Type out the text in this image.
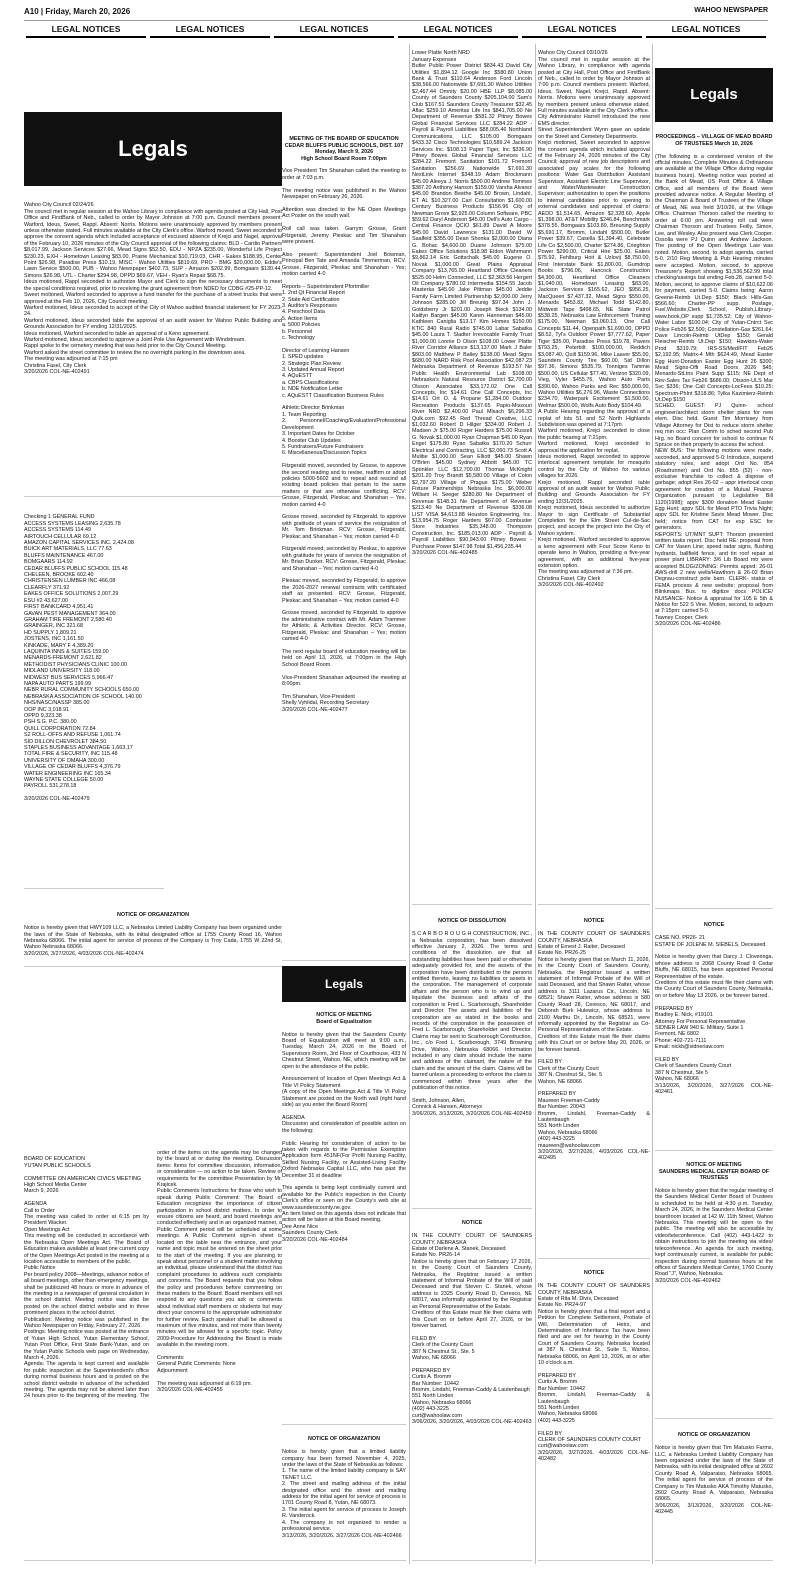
A10 | Friday, March 20, 2026	WAHOO NEWSPAPER
LEGAL NOTICES	LEGAL NOTICES	LEGAL NOTICES	LEGAL NOTICES	LEGAL NOTICES	LEGAL NOTICES
Legals
Legals
Legals

Wahoo City Council 02/24/26
The council met in regular session at the Wahoo Library in compliance with agenda posted at City Hall, Post Office and FirstBank of Neb., called to order by Mayor Johnson at 7:00 p.m. Council members present: Warford, Ideus, Sweet, Rappl. Absent: Norris. Motions were unanimously approved by members present unless otherwise stated. Full minutes available at the City Clerk's office. Warford moved, Sweet seconded to approve the consent agenda which included acceptance of excused absence of Krejci and Nagel, approval of the February 10, 2026 minutes of the City Council approval of the following claims: BLD - Cardio Partners $8,017.99, Jackson Services $27.66, Mead Signs $52.50, EDU - NPZA $235.00, Wonderful Life Project $230.23, EXH - Hometown Leasing $83.00, Prairie Mechanical $10,719.03, CHR - Eakes $188.95, Center Point $26.98, Paradise Press $10.19, MISC - Wahoo Utilities $819.69, PRO - BMG $20,000.00, Eddie's Lawn Service $500.00, PUB - Wahoo Newspaper $402.73, SUP - Amazon $202.99, Bomgaars $130.44, Simons $26.98, UTL - Charter $294.98, OPPD $69.67, VEH - Ryan's Repair $68.75.
Ideus motioned, Rappl seconded to authorize Mayor and Clerk to sign the necessary documents to meet the special conditions required, prior to receiving the grant agreement from NDED for CDBG #25-PP-12.
Sweet motioned, Warford seconded to approve a fund transfer for the purchase of a street trucks that were approved at the Feb 10, 2026, City Council meeting.
Warford motioned, Ideus seconded to accept of the City of Wahoo audited financial statement for FY 2023-24.
Warford motioned, Ideus seconded table the approval of an audit waiver for Wahoo Public Building and Grounds Association for FY ending 12/31/2025.
Ideus motioned, Warford seconded to table an approval of a Keno agreement.
Warford motioned, Ideus seconded to approve a Joint Pole Use Agreement with Windstream.
Rappl spoke to the cemetery meeting that was held prior to the City Council Meeting.
Warford asked the street committee to review the no overnight parking in the downtown area.
The meeting was adjourned at 7:15 pm
Christina Fasel, City Clerk
3/20/2026 COL-NE-402491

Checking 1 GENERAL FUND
ACCESS SYSTEMS LEASING 2,635.78
ACCESS SYSTEMS 114.49
AIRTOUCH CELLULAR 69.12
AMAZON CAPITAL SERVICES INC. 2,424.08
BUICK ART MATERIALS, LLC 77.63
BLUFFS MAINTENANCE 467.00
BOMGAARS 114.92
CEDAR BLUFFS PUBLIC SCHOOL 115.48
CHELEEN, BROOKE 602.40
CHRISTENSEN LUMBER INC 466.08
CLEARFLY 371.92
EAKES OFFICE SOLUTIONS 2,007.29
ESU #2 43,627.00
FIRST BANKCARD 4,951.41
GAVAN PEST MANAGEMENT 364.00
GRAHAM TIRE FREMONT 2,580.40
GRAINGER, INC 321.68
HD SUPPLY 1,809.21
JOSTENS, INC 1,161.50
KINKADE, MARY F 4,389.20
LAQUINTA INNS & SUITES 159.00
MENARDS-FREMONT 2,621.82
METHODIST PHYSICIANS CLINIC 100.00
MIDLAND UNIVERSITY 118.00
MIDWEST BUS SERVICES 5,966.47
NAPA AUTO PARTS 199.99
NEBR RURAL COMMUNITY SCHOOLS 650.00
NEBRASKA ASSOCIATION OF SCHOOL 140.00
NHS/NASC/NASSP 385.00
OOP INC 3,018.91
OPPD 9,323.38
PSH S.G. P.C. 380.00
QUILL CORPORATION 72.84
S2 ROLL-OFFS AND REFUSE 1,061.74
SID DILLON CHEVROLET 384.50
STAPLES BUSINESS ADVANTAGE 1,663.17
TOTAL FIRE & SECURITY, INC 115.48
UNIVERSITY OF OMAHA 300.00
VILLAGE OF CEDAR BLUFFS 4,376.79
WATER ENGINEERING INC 165.34
WAYNE STATE COLLEGE 50.00
PAYROLL 531,278.18

3/20/2026 COL-NE-402479

NOTICE OF ORGANIZATION

Notice is hereby given that HWY109 LLC, a Nebraska Limited Liability Company has been organized under the laws of the State of Nebraska, with its initial designated office at 1755 County Road 16, Wahoo Nebraska 68066. The initial agent for service of process of the Company is Troy Cada, 1755 W 22nd St, Wahoo Nebraska 68066.
3/20/2026, 3/27/2026, 4/03/2026 COL-NE-402474

BOARD OF EDUCATION
YUTAN PUBLIC SCHOOLS

COMMITTEE ON AMERICAN CIVICS MEETING
High School Media Center
March 9, 2026

AGENDA
Call to Order
The meeting was called to order at 6:15 pm by President Wacker.
Open Meetings Act
This meeting will be conducted in accordance with the Nebraska Open Meetings Act. The Board of Education makes available at least one current copy of the Open Meetings Act posted in the meeting at a location accessible to members of the public.
Public Notice
Per board policy 2008—Meetings, advance notice of all board meetings, other than emergency meetings, shall be publicized 48 hours or more in advance of the meeting in a newspaper of general circulation in the school district. Meeting notice was also be posted on the school district website and in three prominent places in the school district.
Publication: Meeting notice was published in the Wahoo Newspaper on Friday, February 27, 2026.
Postings: Meeting notice was posted at the entrance of Yutan High School, Yutan Elementary School, Yutan Post Office, First State Bank-Yutan, and on the Yutan Public Schools web page on Wednesday, March 4, 2026.
Agenda: The agenda is kept current and available for public inspection at the Superintendent's office during normal business hours and is posted on the school district website in advance of the scheduled meeting. The agenda may not be altered later than 24 hours prior to the beginning of the meeting. The order of the items on the agenda may be changed by the board at or during the meeting. Discussion items: Items for committee discussion, information, or consideration — no action to be taken. Review of requirements for the committee Presentation by Mr. Krajicek.
Public Comments Instructions for those who wish to speak during Public Comment: The Board of Education recognizes the importance of citizen participation in school district matters. In order to ensure citizens are heard, and board meetings are conducted effectively and in an organized manner, a Public Comment period will be scheduled at some meetings. A Public Comment sign-in sheet is located on the table near the entrance, and your name and topic must be entered on the sheet prior to the start of the meeting. If you are planning to speak about personnel or a student matter involving an individual, please understand that the district has complaint procedures to address such complaints and concerns. The Board requests that you follow the policy and procedures before commenting on these matters to the Board. Board members will not respond to any questions you ask or comments about individual staff members or students but may direct your concerns to the appropriate administrator for further review. Each speaker shall be allowed a maximum of five minutes, and not more than twenty minutes will be allowed for a specific topic. Policy 2009-Procedure for Addressing the Board is made available in the meeting room.

Comments:
General Public Comments: None
Adjournment

The meeting was adjourned at 6:19 pm.
3/20/2026 COL-NE-402455

MEETING OF THE BOARD OF EDUCATION
CEDAR BLUFFS PUBLIC SCHOOLS, DIST. 107
Monday, March 9, 2026
High School Board Room 7:00pm

Vice President Tim Shanahan called the meeting to order at 7:03 p.m.

The meeting notice was published in the Wahoo Newspaper on February 26, 2026.

Attention was directed to the NE Open Meetings Act Poster on the south wall.

Roll call was taken. Garrym Grosse, Grant Fitzgerald, Jeremy Pleskac and Tim Shanahan were present.

Also present: Superintendent Joel Bowman, Principal Ben Tate and Amanda Timmerman, RCV. Grosse, Fitzgerald, Pleskac and Shanahan - Yes; motion carried 4-0

Reports – Superintendent Pfortmiller
1. 2nd Qt Financial Report
2. State Aid Certification
3. Auditor's Responses
4. Preschool Data
5. Action Items
a. 5000 Policies
b. Personnel
c. Technology

Director of Learning Hansen
1. SPED updates
2. Strategic Plan Review
3. Updated Annual Report
4. AQuESTT
a. CBPS Classifications
b. NDE Notification Letter
c. AQuESTT Classification Business Rules

Athletic Director Brinkman
1. Team Reporting
2. Personnel/Coaching/Evaluation/Professional Development
3. Important Dates for October
4. Booster Club Updates
5. Fundraisers/Future Fundraisers
6. Miscellaneous/Discussion Topics

Fitzgerald moved, seconded by Grosse, to approve the second reading and to revise, reaffirm or adopt policies 5000-5602 and to repeal and rescind all existing board policies that pertain to the same matters or that are otherwise conflicting. RCV: Grosse, Fitzgerald, Pleskac and Shanahan – Yes, motion carried 4-0

Grosse moved, seconded by Fitzgerald, to approve with gratitude of years of service the resignation of Mr. Tom Brinkman. RCV: Grosse, Fitzgerald, Pleskac and Shanahan – Yes; motion carried 4-0

Fitzgerald moved, seconded by Pleskac, to approve with gratitude for years of service the resignation of Mr. Brian Dunker. RCV: Grosse, Fitzgerald, Pleskac and Shanahan – Yes; motion carried 4-0

Pleskac moved, seconded by Fitzgerald, to approve the 2026-2027 renewal contracts with certificated staff as presented. RCV: Grosse, Fitzgerald, Pleskac and Shanahan – Yes; motion carried 4-0

Grosse moved, seconded by Fitzgerald, to approve the administrative contract with Mr. Adam Trammer for Athletic & Activities Director. RCV: Grosse, Fitzgerald, Pleskac and Shanahan – Yes; motion carried 4-0

The next regular board of education meeting will be held on April 13, 2026, at 7:00pm in the High School Board Room.

Vice-President Shanahan adjourned the meeting at 8:00pm.

Tim Shanahan, Vice-President
Shelly Vyhlidal, Recording Secretary
3/20/2026 COL-NE-402477

NOTICE OF MEETING
Board of Equalization

Notice is hereby given that the Saunders County Board of Equalization will meet at 9:00 a.m., Tuesday, March 24, 2026 in the Board of Supervisors Room, 3rd Floor of Courthouse, 433 N Chestnut Street, Wahoo, NE, which meeting will be open to the attendance of the public.

Announcement of location of Open Meetings Act & Title VI Policy Statement
(A copy of the Open Meetings Act & Title VI Policy Statement are posted on the North wall (right hand side) as you enter the Board Room)

AGENDA
Discussion and consideration of possible action on the following:

Public Hearing for consideration of action to be taken with regards to the Permissive Exemption Application form 451NF(For Profit Nursing Facility, Skilled Nursing Facility, or Assisted-Living Facility Oxford Nebraska Capital LLC, who has past the December 31 st deadline

This agenda is being kept continually current and available for the Public's inspection in the County Clerk's office or seen on the County's web site at www.saunderscounty.ne.gov.
An item listed on this agenda does not indicate that action will be taken at this Board meeting.
Dee Anne Nice
Saunders County Clerk
3/20/2026 COL-NE-402484

NOTICE OF ORGANIZATION

Notice is hereby given that a limited liability company has been formed November 4, 2025, under the laws of the State of Nebraska as follows:
1. The name of the limited liability company is SAY TENET LLC.
2. The street and mailing address of the initial designated office and the street and mailing address for the initial agent for service of process is 1701 County Road 8, Yutan, NE 68073.
3. The initial agent for service of process is Joseph R. Vanderock.
4. The company is not organized to render a professional service.
3/13/2026, 3/20/2026, 3/27/2026 COL-NE-402466

Lower Platte North NRD
January Expenses
Butler Public Power District $834.43 David City Utilities $1,894.12 Google Inc $580.80 Union Bank & Trust $110.64 Anderson Ford Lincoln $38,566.00 Nationwide $7,691.30 Wahoo Utilities $2,467.44 Omnity $20.00 HBE LLP $8,085.00 County of Saunders County $205,104.00 Sam's Club $167.51 Saunders County Treasurer $32.45 Aflac $259.10 Ameritas Life Ins $841,705.00 Ne Department of Revenue $581.32 Pitney Bowes Global Financial Services LLC $284.22 ADP - Payroll & Payroll Liabilities $88,005.46 Northland Communications, LLC $105.00 Bomgaars $433.32 Cisco Technologies $10,589.24 Jackson Services Inc. $108.13 Paper Tiger, Inc $336.90 Pitney Bowes Global Financial Services LLC $284.22 Fremont Sanitation $101.72 Fremont Sanitation $256.69 Nationwide $7,691.30 NextLink Internet $348.19 Adam Brockmann $45.00 Aleeya J. Norris $500.00 Andrew Tommes $387.20 Anthony Hanson $159.00 Varsha Alvarez $45.00 Brandon Beethe $45.00 Brown, Lindahl, ET AL $10,327.00 Carl Consultation $1,600.00 Century Business Products $156.96 City of Newman Grove $2,925.00 Column Software, PBC $59.62 Daryl Anderson $45.00 Dell's Auto Cargo - Central Finance QCIO $61.89 David A Moore $45.00 David Lawrence $131.00 David W Saalfeld $355.00 Dean Shonka $2,000.00 Diana G. Bohac $4,600.00 Duane Johnson $75.00 Eakes Office Solutions $18.98 Eldon Wahrmann $9,862.14 Eric Gottschalk $45.00 Eugene O. Novak $1,000.00 Great Plains Appraisal Company $13,765.00 Heartland Office Cleaners $525.00 Helm Connected, LLC $2,363.56 Hergert Oil Company $780.02 Intermedia $154.55 Jacob Masterka $45.00 Jake Pittman $45.00 Jeddie Family Farm Limited Partnership $2,000.00 Jerry Johnson $285.00 Jill Breunig $97.34 John J. Goldsberry Jr $201.00 Joseph Bieck $134.00 Kaitlyn Bargen $45.00 Karen Hanneman $45.00 Kathleen Caniglia $13.17 Kim Homes $150.00 KTIC 840 Rural Radio $745.00 Labar Sabatka $45.00 Laura T. Sladter Irrevocable Family Trust $1,000.00 Lonnie D Olson $108.00 Lower Platte River Corridor Alliance $13,137.00 Mark J Baler $803.00 Matthew P Bailey $138.00 Mead Signs $680.00 NARD Risk Pool Association $42,087.23 Nebraska Department of Revenue $193.57 Ne Public Health Environmental Lab $108.00 Nebraska's Natural Resource District $2,700.00 Olsson Associates $33,172.02 One Call Concepts, Inc $14.61 One Call Concepts, Inc $14.61 Ort O. & Propane $1,284.00 Outdoor Recreation Products $137.65 Papio-Missouri River NRD $2,400.00 Paul Mlsach $6,296.33 Qulk.com $92.45 Red Thread Creative, LLC $1,032.60 Robert D Hilger $334.00 Robert J. Madsen Jr $75.00 Roger Harders $75.00 Russell G. Novak $1,000.00 Ryan Chapman $45.00 Ryan Engel $175.80 Ryan Sabatka $170.20 Schurr Electrical and Contracting, LLC $2,060.73 Scott A Mulitie $1,000.00 Sean Elliott $45.00 Shawn O'Brien $45.00 Sydney Abbott $45.00 TC Sprinkler LLC $12,700.00 Thomas McKnight $201.20 Troy Brandt $5,580.00 Village of Colon $2,797.20 Village of Prague $175.00 Weber Fixture Partnerships Nebraska Inc. $6,000.00 William H. Seeger $280.80 Ne Department of Revenue $148.31 Ne Department of Revenue $213.40 Ne Department of Revenue $336.08 LIST VISA $4,613.88 Houston Engineering, Inc. $13,954.75 Roger Harders $67.00 Combuster Store Industries $35,348.00 Thompson Construction, Inc. $185,013.00 ADP - Payroll & Payroll Liabilities $90,943.60 Pitney Bowes - Purchase Power $147.98 Total $1,456,235.44
3/20/2026 COL-NE-402485

NOTICE OF DISSOLUTION

S C A R B O R O U G H CONSTRUCTION, INC., a Nebraska corporation, has been dissolved effective January 2, 2026. The terms and conditions of the dissolution are that all outstanding liabilities have been paid or otherwise adequately provided for, and the assets of the corporation have been distributed to the persons entitled thereto, leaving no liabilities or assets in the corporation. The management of corporate affairs and the person who is to wind up and liquidate the business and affairs of the corporation is Fred L. Scarborough, Shareholder and Director. The assets and liabilities of the corporation are as stated in the books and records of the corporation in the possession of Fred L. Scarborough, Shareholder and Director. Claims may be sent to Scarborough Construction, Inc., c/o Fred L. Scarborough, 3749 Browning Drive, Wahoo, Nebraska 68066. Information included in any claim should include the name and address of the claimant, the nature of the claim and the amount of the claim. Claims will be barred unless a proceeding to enforce the claim is commenced within three years after the publication of this notice.

Smith, Johnson, Allen,
Connick & Hansen, Attorneys
3/06/2026, 3/13/2026, 3/20/2026 COL-NE-402459

NOTICE

IN THE COUNTY COURT OF SAUNDERS COUNTY, NEBRASKA
Estate of Darlene A. Stanek, Deceased
Estate No. PR26-14
Notice is hereby given that on February 17 2026, in the County Court of Saunders County, Nebraska, the Registrar issued a written statement of Informal Probate of the Will of said Deceased and that Steven C. Stanek, whose address is 2325 County Road D, Ceresco, NE 68017, was informally appointed by the Registrar as Personal Representative of the Estate.
Creditors of this Estate must file their claims with this Court on or before April 27, 2026, or be forever barred.

FILED BY
Clerk of the County Court
387 N Chestnut St., Ste. 5
Wahoo, NE 68066

PREPARED BY
Curtis A. Bromm
Bar Number: 10442
Bromm, Lindahl, Freeman-Caddy & Lautenbaugh
551 North Linden
Wahoo, Nebraska 68066
(402) 443-3225
curt@wahoolaw.com
3/06/2026, 3/20/2026, 4/03/2026 COL-NE-402463

Wahoo City Council 03/10/26
The council met in regular session at the Wahoo Library, in compliance with agenda posted at City Hall, Post Office and FirstBank of Neb., called to order by Mayor Johnson at 7:00 p.m. Council members present: Warford, Ideus, Sweet, Nagel, Krejci, Rappl. Absent: Norris. Motions were unanimously approved by members present unless otherwise stated. Full minutes available at the City Clerk's office.
City Administrator Harrell introduced the new EMS director.
Street Superintendent Wynn gave an update on the Street and Cemetery Departments.
Krejci motioned, Sweet seconded to approve the consent agenda which included approval of the February 24, 2026 minutes of the City Council; approval of new job descriptions and associated pay scales for the following positions: Water Gas Distribution Assistant Supervisor, Assistant Electric Line Supervisor, and Water/Wastewater Construction Supervisor; authorization to open the positions to internal candidates prior to opening to external candidates and approval of claims: AEDD $1,514.65, Amazon $2,328.60, Apple $1,398.00, AT&T Mobility $246.84, Benchmark $378.55, Bomgaars $103.89, Breuning Supply $5,691.17, Bromm, Lindahl $500.00, Butler Power $39.67, Casella $1,394.40, Celebrate Life Co $2,500.00, Charter $274.86, Crieghton Power $290.00, Critical Hire $25.00, Eakes $75.92, Fehlburg Hoit & Uzlovij $8,750.00, First Interstate Bank $1,800.00, Gumdrop Books $796.06, Hancock Construction $4,300.00, Heartland Office Cleaners $1,040.00, Hometown Leasing $83.00, Jackson Services $165.62, JEO $956.25, MacQueen $7,437.32, Mead Signs $550.00, Menards $453.82, Michael Todd $142.80, Midwest Tape $498.65, NE State Patrol $538.25, Nebraska Law Enforcement Training $175.00, Neeman $3,060.13, One Call Concepts $11.44, Openpath $1,690.00, OPPD $8.52, Tyl's Outdoor Power $7,777.62, Paper Tiger $35.00, Paradise Press $19.78, Pavers $793.25, Peterbilt $100,000.00, Reddich $3,087.40, Quill $159.96, Mike Laaver $55.00, Saunders County Tire $60.00, Sid Dillon $97.36, Simons $535.79, Tonniges Tammie $500.00, US Cellular $77.40, Verizon $320.09, Vieg, Vyler $455.76, Wahoo Auto Parts $390.60, Wahoo Parks and Rec $50,000.00, Wahoo Utilities $6,276.96, Waste Connections $234.70, Waterpark Excitement $1,500.00, Welmar $500.00, Wolfs Auto Body $104.49.
A Public Hearing regarding the approval of a replat of lots 51 and 52 North Highlands Subdivision was opened at 7:17pm.
Warford motioned, Krejci seconded to close the public hearing at 7:21pm.
Warford motioned, Krejci seconded to approval the application for replat.
Ideus motioned, Rappl seconded to approve interlocal agreement template for mosquito control by the City of Wahoo for various villages for 2026.
Krejci motioned, Rappl seconded table approval of an audit waiver for Wahoo Public Building and Grounds Association for FY ending 12/31/2025.
Krejci motioned, Ideus seconded to authorize Mayor to sign Certificate of Substantial Completion for the Elm Street Cul-de-Sac project, and accept the project into the City of Wahoo system.
Krejci motioned, Warford seconded to approve a keno agreement with Four Score Keno to operate keno in Wahoo, providing a five-year agreement, with an additional five-year extension option.
The meeting was adjourned at 7:36 pm.
Christina Fasel, City Clerk
3/20/2026 COL-NE-402492

NOTICE

IN THE COUNTY COURT OF SAUNDERS COUNTY, NEBRASKA
Estate of Ernest J. Raiter, Deceased
Estate No. PR26-25
Notice is hereby given that on March 11, 2026, in the County Court of Saunders County, Nebraska, the Registrar issued a written statement of Informal Probate of the Will of said Deceased, and that Shawn Raiter, whose address is 3111 Lazarus Cir., Lincoln, NE 68521; Shawn Raiter, whose address is 580 County Road 28, Ceresco, NE 68017, and Deborah Burk Hulewicz, whose address is 2100 Marthu Dr., Lincoln, NE 68521, were informally appointed by the Registrar as Co-Personal Representatives of the Estate.
Creditors of this Estate must file their claims with this Court on or before May 20, 2026, or be forever barred.

FILED BY
Clerk of the County Court
387 N. Chestnut St., Ste. 5
Wahoo, NE 68066

PREPARED BY
Maureen Freeman-Caddy
Bar Number: 20043
Bromm, Lindahl, Freeman-Caddy & Lautenbaugh
551 North Linden
Wahoo, Nebraska 68066
(402) 443-3225
maureen@wahoolaw.com
3/20/2026, 3/27/2026, 4/03/2026 COL-NE-402495

NOTICE

IN THE COUNTY COURT OF SAUNDERS COUNTY, NEBRASKA
Estate of Rita M. Divis, Deceased
Estate No. PR24-97
Notice is hereby given that a final report and a Petition for Complete Settlement, Probate of Will, Determination of Heirs, and Determination of Inheritance Tax have been filed and are set for hearing in the County Court of Saunders County, Nebraska located at 387 N. Chestnut St., Suite 5, Wahoo, Nebraska 68066, on April 13, 2026, at or after 10 o'clock a.m.

PREPARED BY
Curtis A. Bromm
Bar Number: 10442
Bromm, Lindahl, Freeman-Caddy & Lautenbaugh
551 North Linden
Wahoo, Nebraska 68066
(402) 443-3225

FILED BY
CLERK OF SAUNDERS COUNTY COURT
curt@wahoolaw.com
3/20/2026, 3/27/2026, 4/03/2026 COL-NE-402482

PROCEEDINGS – VILLAGE OF MEAD BOARD OF TRUSTEES March 10, 2026

(The following is a condensed version of the official minutes. Complete Minutes & Ordinances are available at the Village Office during regular business hours). Meeting notice was posted at the Bank of Mead, US Post Office & Village Office, and all members of the Board were provided advance notice. A Regular Meeting of the Chairman & Board of Trustees of the Village of Mead, NE was held 3/10/26, at the Village Office. Chairman Thorson called the meeting to order at 6:00 pm. Answering roll call were Chairman Thorson and Trustees Feilly, Simon, Lee, and Wesley. Also present was Clerk Cooper. Ossolla were PJ Quinn and Andrew Jackson. The posting of the Open Meetings Law was noted. Motion, second, to adopt agenda, carried 5-0. 2/10 Reg Meeting & Pub Hearing minutes were accepted. Motion, second, to approve Treasurer's Report showing $1,536,562.99 total checking/savings bal ending Feb.28, carried 5-0. Motion, second, to approve claims of $10,622.06 for payment, carried 5-0. Claims being: Aaron Greene-Reimb Ut.Dep $150; Black Hills-Gas $566.60; Charter-PP supp. Postage, Fuel,Website,Clerk School, Publish,Library-www.book,OP supp $1,735.52; City of Wahoo-Water Labor $100.04; City of Yutan-Cntrct Svc Police Feb26 $2,500; Constellation-Gas $261.64; Dave Lincoln-Reimb UtDep $150; Gerald Fleischer-Reimb Ut.Dep $150; Hawkins-Water Prod $319.79; IRS-SS/Med/FIT Feb26 $2,192.95; Matrix-4 Mth $624.49, Mead Easter Egg Hunt-Donation Easter Egg Hunt 26 $300; Mead Signs-Offi Road Doors 2026 $45; Menards-StLtns Paint Supp $115; NE Dept of Rev-Sales Tax Feb26 $686.00; Olsson-ULS Mar Svc $336; One Call Concepts-LocFees $10.25; Spectrum-PhInt $318.86; Tylka Kazimierz-Reimb Ut.Dep $150
SCHED. GUEST: PJ Quinn- school engineer/architect storm shelter plans for new elem. Disc held. Guest Tim Morrissey from Village Attorney for Dist to reduce storm shelter req min occ: Plan Comm to sched second Pub Hrg. no Board concern for school to continue N Spruce on their property to access the school.
NEW BUS: The following motions were made, seconded, and approved 5-0: Introduce, suspend statutory rules, and adopt Ord No. 854 (Roadrunner) and Ord No. 855 (52) - non-exclusive franchise to collect & dispose of garbage; adopt Res 26-02 – appr interlocal coop agreement for creation of a Mutual Finance Organization pursuant to Legislative Bill 1120(1998); appv $300 donation Mead Easter Egg Hunt; appv SDL for Mead PTO Trivia Night; appv SDL for Kristine Savis Mead Mower. Disc held; notice from CAT for exp ESC for generators.
REPORTS: UT/MNT SUPT: Thorson presented written tasks report. Disc held RE: proposal from CAT for Vasen Line; speed radar signs, flushing hydrants, ballfield fence, and tin roof repair at power plant LIBRARY: 3/6 Lib Board mtr were accepted BLDG/ZONING: Permits appvd: 26-01 AWS-drill 2 new wells/Hawthorn & 26-02 Brian Degnau-construct pole barn. CLERK- status of FEMA process & new website; proposal from Blinkmaps Bus. to digitize docs POLICE/ NUISANCE- Notice & appraisal for 105 E 5th & Notice for 522 S Vine. Motion, second, to adjourn at 7:15pm: carried 5-0.
Tawney Cooper, Clerk
3/20/2026 COL-NE-402486

NOTICE

CASE NO. PR26- 21
ESTATE OF JOLENE M. SIEBELS, Deceased.

Notice is hereby given that Darcy J. Cloveringa, whose address is 2068 County Road 9 Cedar Bluffs, NE 68015, has been appointed Personal Representative of the estate.
Creditors of this estate must file their claims with the County Court of Saunders County, Nebraska, on or before May 13 2026, or be forever barred.

PREPARED BY
Bradley E. Nick, #19101
Attorney For Personal Representative
SIDNER LAW 940 E. Military, Suite 1
Fremont, NE 6802
Phone: 402-721-7111
Email: nickb@sidnerlaw.com

FILED BY
Clerk of Saunders County Court
387 N Chestnut, Ste 5
Wahoo, NE 68066
3/13/2026, 3/20/2026, 3/27/2026 COL-NE-402461

NOTICE OF MEETING
SAUNDERS MEDICAL CENTER BOARD OF TRUSTEES

Notice is hereby given that the regular meeting of the Saunders Medical Center Board of Trustees is scheduled to be held at 4:30 p.m. Tuesday, March 24, 2026, in the Saunders Medical Center boardroom located at 142 W. 11th Street, Wahoo Nebraska. This meeting will be open to the public. The meeting will also be accessible by video/teleconference. Call (402) 443-1422 to obtain instructions to join the meeting via video/ teleconference. An agenda for such meeting, kept continuously current, is available for public inspection during normal business hours at the offices of Saunders Medical Center, 1760 County Road "J", Wahoo, Nebraska.
3/20/2026 COL-NE-402462

NOTICE OF ORGANIZATION

Notice is hereby given that Tim Matusko Farms, LLC, a Nebraska Limited Liability Company has been organized under the laws of the State of Nebraska, with its initial designated office at 2602 County Road A, Valparaiso, Nebraska 68065. The initial agent for service of process of the Company is Tim Matusko AKA Timothy Matusko, 2602 County Road A, Valparaiso, Nebraska 68065.
3/06/2026, 3/13/2026, 3/20/2026 COL-NE-402445
